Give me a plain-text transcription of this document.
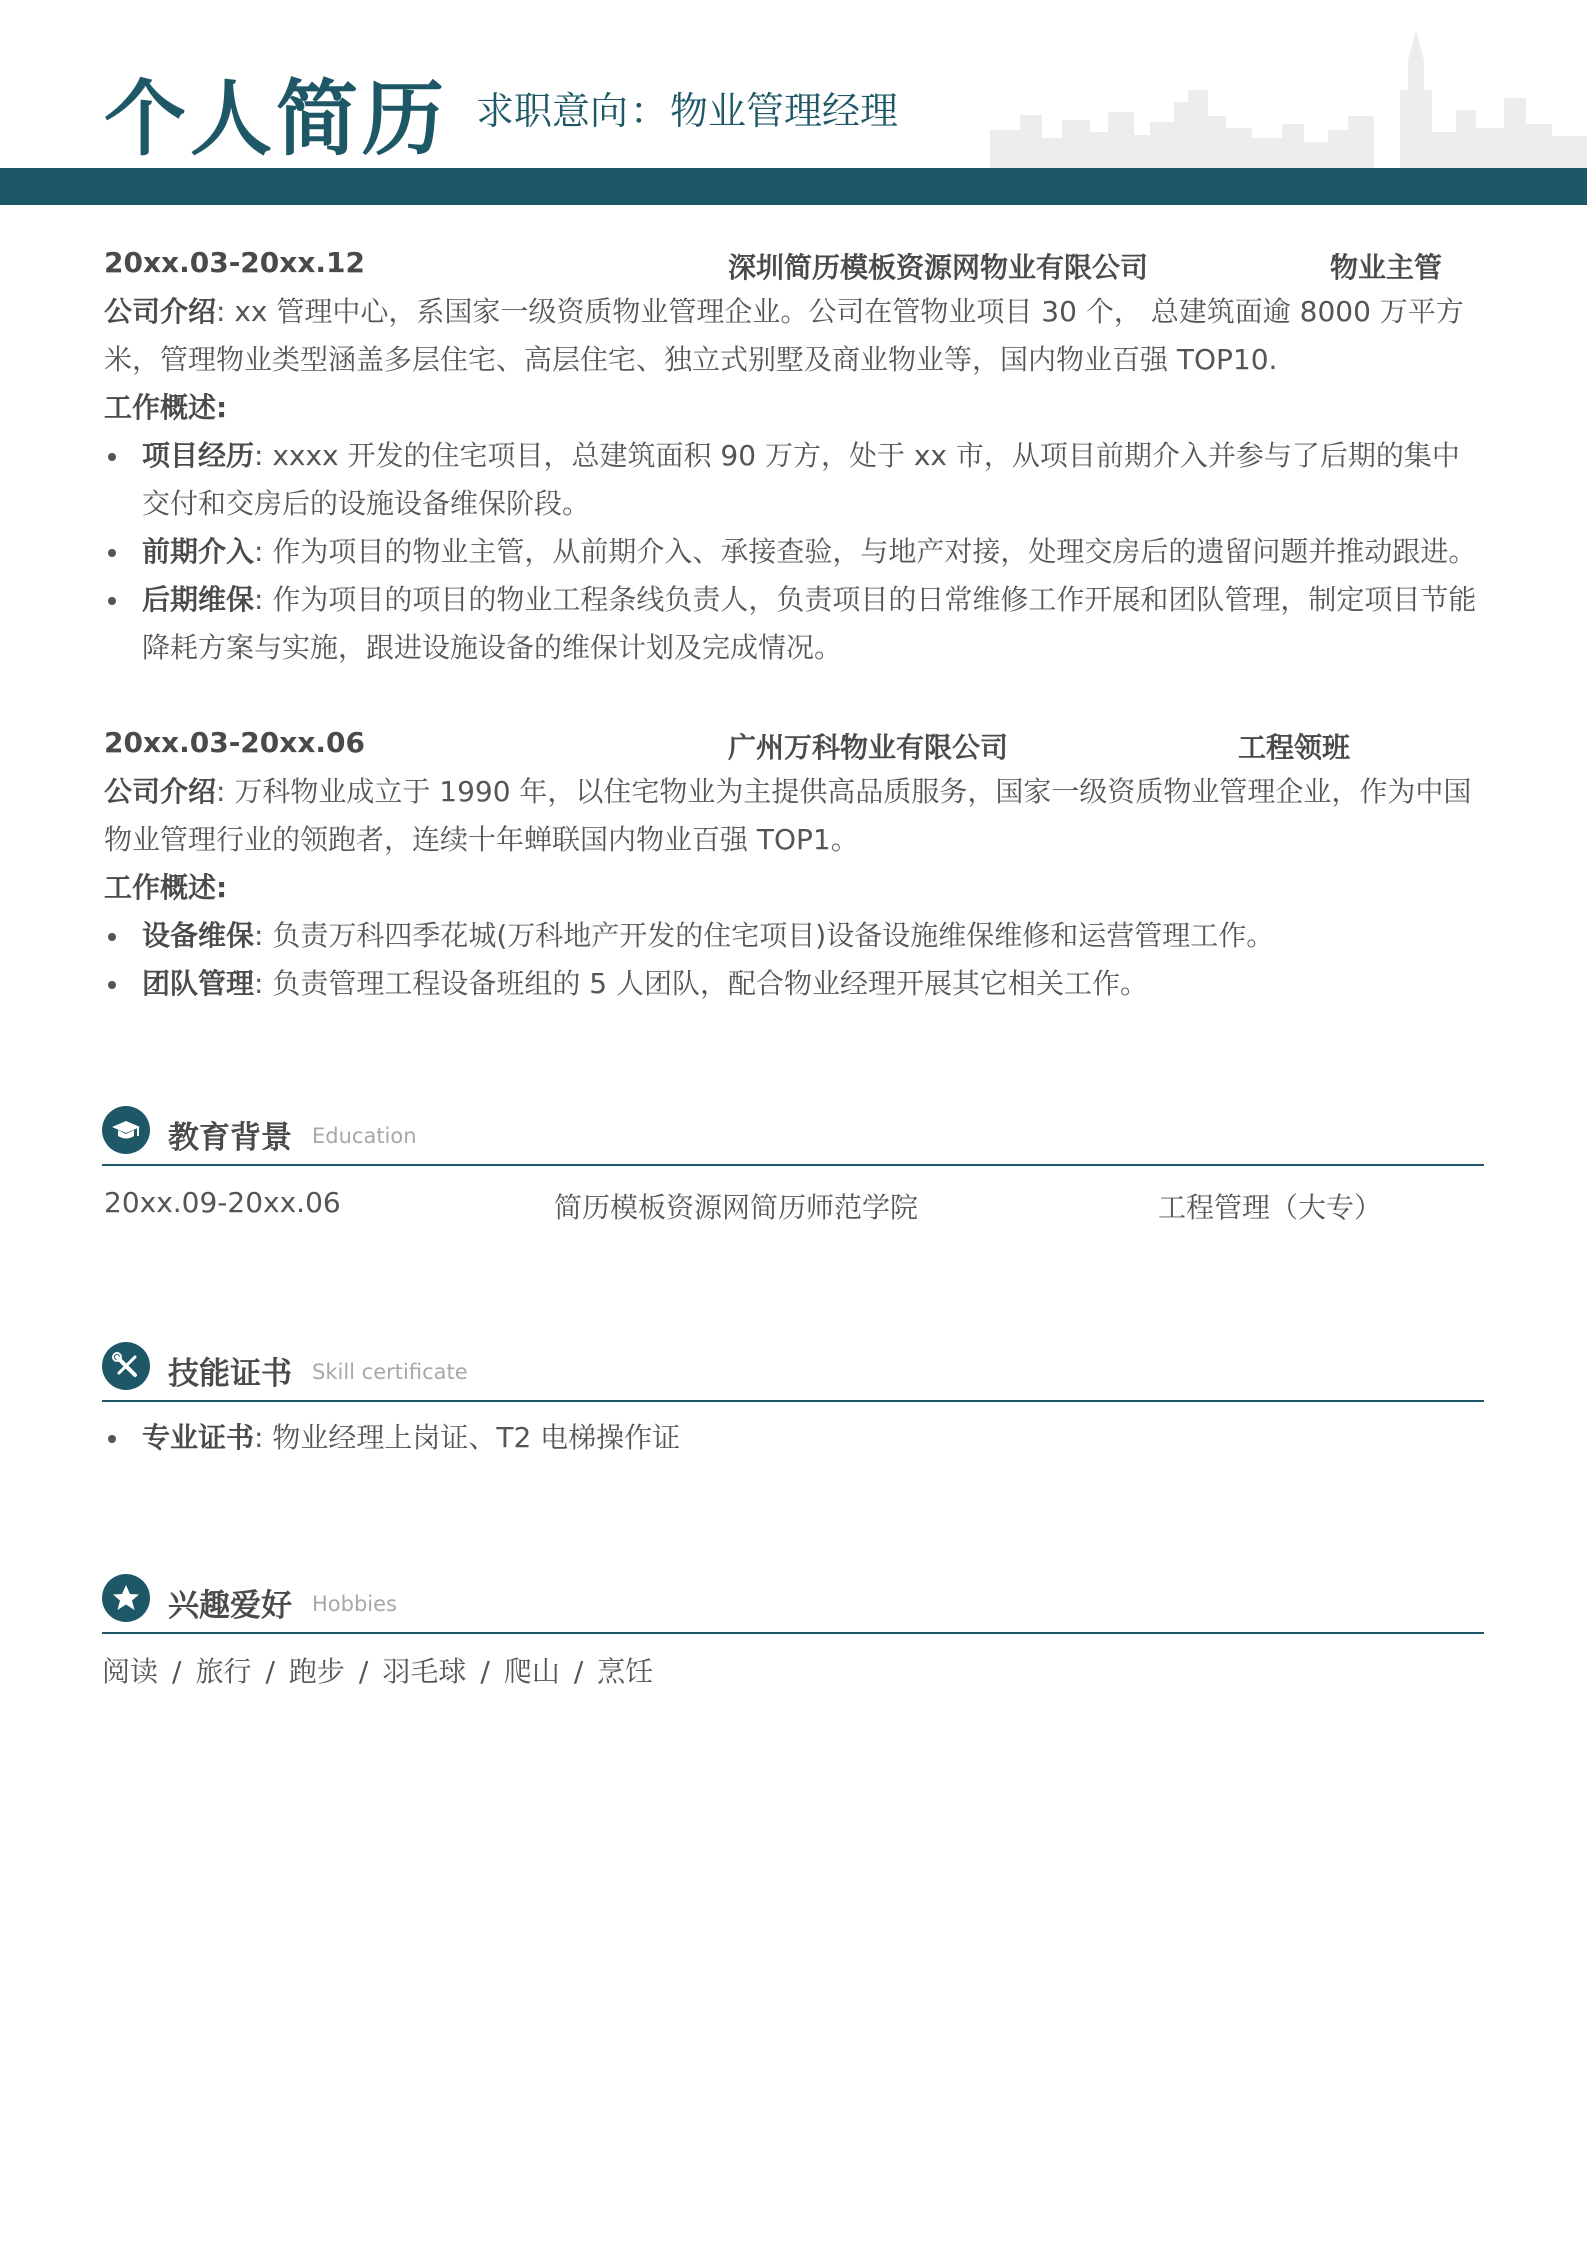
个人简历 求职意向：物业管理经理
20xx.03-20xx.12	深圳简历模板资源网物业有限公司	物业主管
公司介绍: xx 管理中心，系国家一级资质物业管理企业。公司在管物业项目 30 个， 总建筑面逾 8000 万平方米，管理物业类型涵盖多层住宅、高层住宅、独立式别墅及商业物业等，国内物业百强 TOP10.
工作概述:
项目经历: xxxx 开发的住宅项目，总建筑面积 90 万方，处于 xx 市，从项目前期介入并参与了后期的集中交付和交房后的设施设备维保阶段。
前期介入: 作为项目的物业主管，从前期介入、承接查验，与地产对接，处理交房后的遗留问题并推动跟进。
后期维保: 作为项目的项目的物业工程条线负责人，负责项目的日常维修工作开展和团队管理，制定项目节能降耗方案与实施，跟进设施设备的维保计划及完成情况。
20xx.03-20xx.06	广州万科物业有限公司	工程领班
公司介绍: 万科物业成立于 1990 年，以住宅物业为主提供高品质服务，国家一级资质物业管理企业，作为中国物业管理行业的领跑者，连续十年蝉联国内物业百强 TOP1。
工作概述:
设备维保: 负责万科四季花城(万科地产开发的住宅项目)设备设施维保维修和运营管理工作。
团队管理: 负责管理工程设备班组的 5 人团队，配合物业经理开展其它相关工作。
教育背景 Education
20xx.09-20xx.06	简历模板资源网简历师范学院	工程管理（大专）
技能证书 Skill certificate
专业证书: 物业经理上岗证、T2 电梯操作证
兴趣爱好 Hobbies
阅读 / 旅行 / 跑步 / 羽毛球 / 爬山 / 烹饪
